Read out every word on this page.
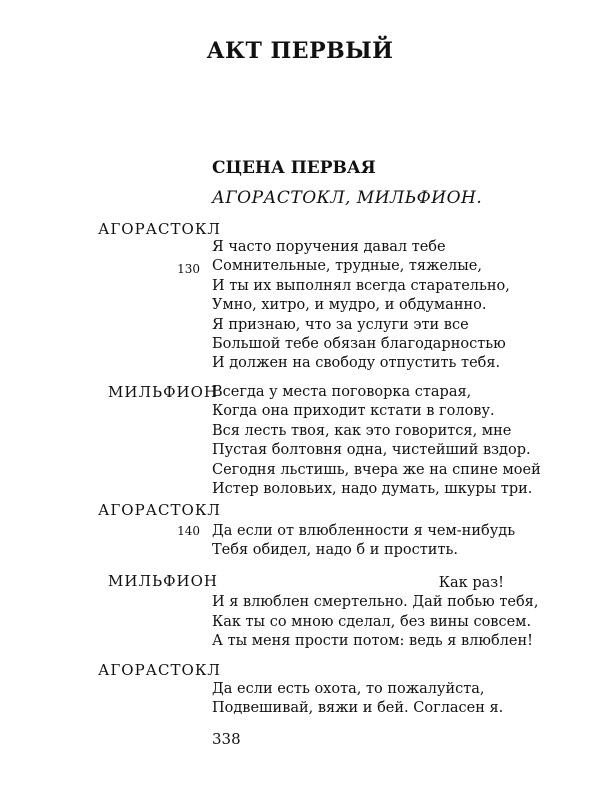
АКТ ПЕРВЫЙ
СЦЕНА ПЕРВАЯ
АГОРАСТОКЛ, МИЛЬФИОН.
АГОРАСТОКЛ
Я часто поручения давал тебе
Сомнительные, трудные, тяжелые,
И ты их выполнял всегда старательно,
Умно, хитро, и мудро, и обдуманно.
Я признаю, что за услуги эти все
Большой тебе обязан благодарностью
И должен на свободу отпустить тебя.
130
МИЛЬФИОН
Всегда у места поговорка старая,
Когда она приходит кстати в голову.
Вся лесть твоя, как это говорится, мне
Пустая болтовня одна, чистейший вздор.
Сегодня льстишь, вчера же на спине моей
Истер воловьих, надо думать, шкуры три.
АГОРАСТОКЛ
Да если от влюбленности я чем-нибудь
Тебя обидел, надо б и простить.
140
МИЛЬФИОН	Как раз!
И я влюблен смертельно. Дай побью тебя,
Как ты со мною сделал, без вины совсем.
А ты меня прости потом: ведь я влюблен!
АГОРАСТОКЛ
Да если есть охота, то пожалуйста,
Подвешивай, вяжи и бей. Согласен я.
338
